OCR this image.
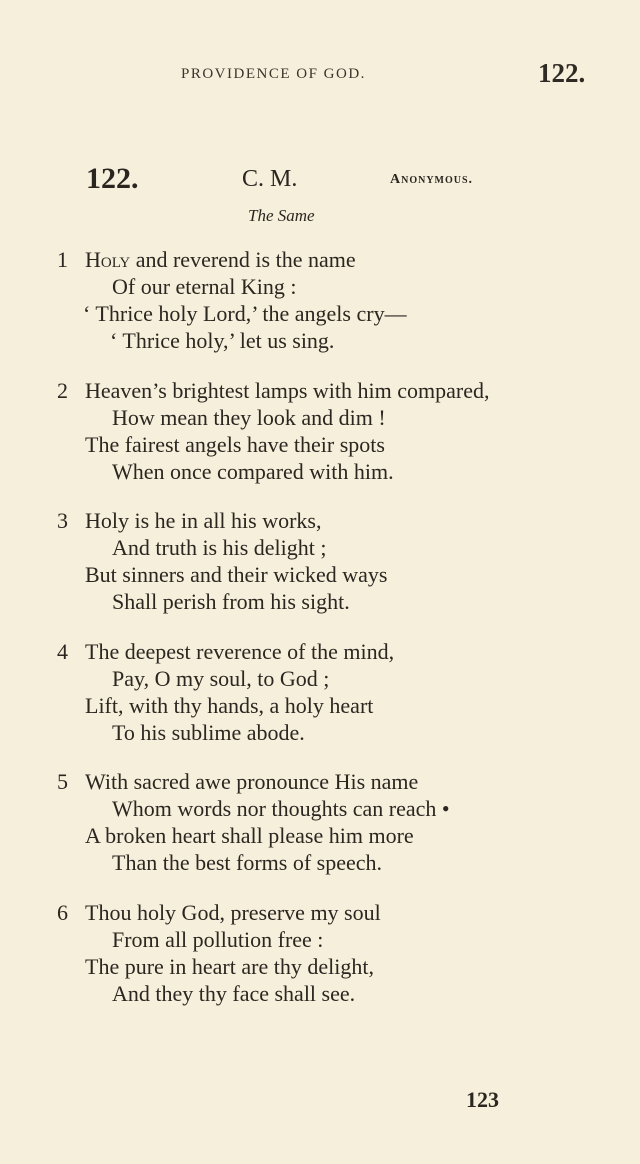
PROVIDENCE OF GOD.	122.
122.	C. M.	Anonymous.
The Same
1 Holy and reverend is the name
Of our eternal King :
‘ Thrice holy Lord,’ the angels cry—
‘ Thrice holy,’ let us sing.
2 Heaven’s brightest lamps with him compared,
How mean they look and dim !
The fairest angels have their spots
When once compared with him.
3 Holy is he in all his works,
And truth is his delight ;
But sinners and their wicked ways
Shall perish from his sight.
4 The deepest reverence of the mind,
Pay, O my soul, to God ;
Lift, with thy hands, a holy heart
To his sublime abode.
5 With sacred awe pronounce His name
Whom words nor thoughts can reach •
A broken heart shall please him more
Than the best forms of speech.
6 Thou holy God, preserve my soul
From all pollution free :
The pure in heart are thy delight,
And they thy face shall see.
123
